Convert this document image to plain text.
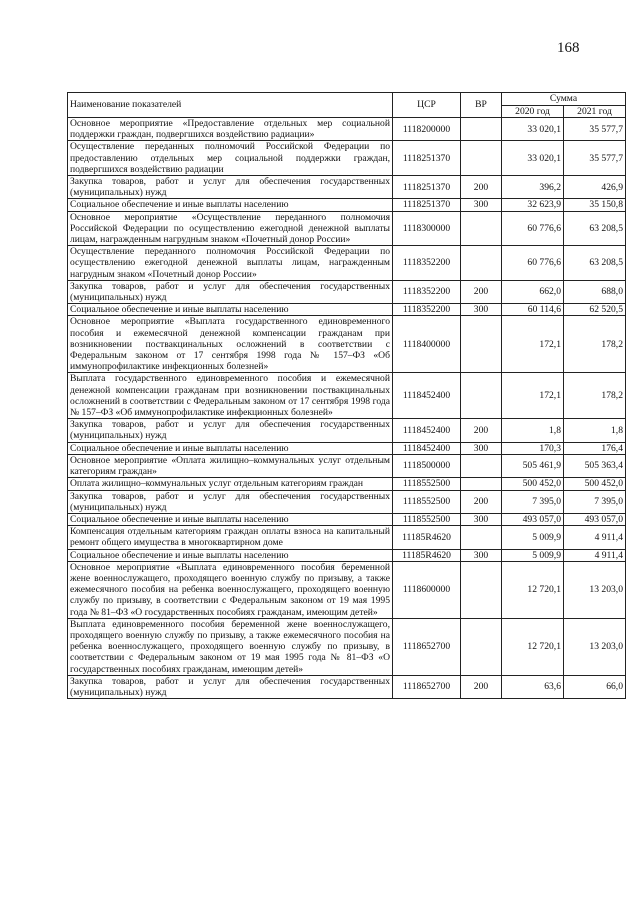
168
Наименование показателей	ЦСР	ВР	Сумма	
			2020 год	2021 год
Основное мероприятие «Предоставление отдельных мер социальной поддержки граждан, подвергшихся воздействию радиации»	1118200000		33 020,1	35 577,7
Осуществление переданных полномочий Российской Федерации по предоставлению отдельных мер социальной поддержки граждан, подвергшихся воздействию радиации	1118251370		33 020,1	35 577,7
Закупка товаров, работ и услуг для обеспечения государственных (муниципальных) нужд	1118251370	200	396,2	426,9
Социальное обеспечение и иные выплаты населению	1118251370	300	32 623,9	35 150,8
Основное мероприятие «Осуществление переданного полномочия Российской Федерации по осуществлению ежегодной денежной выплаты лицам, награжденным нагрудным знаком «Почетный донор России»	1118300000		60 776,6	63 208,5
Осуществление переданного полномочия Российской Федерации по осуществлению ежегодной денежной выплаты лицам, награжденным нагрудным знаком «Почетный донор России»	1118352200		60 776,6	63 208,5
Закупка товаров, работ и услуг для обеспечения государственных (муниципальных) нужд	1118352200	200	662,0	688,0
Социальное обеспечение и иные выплаты населению	1118352200	300	60 114,6	62 520,5
Основное мероприятие «Выплата государственного единовременного пособия и ежемесячной денежной компенсации гражданам при возникновении поствакцинальных осложнений в соответствии с Федеральным законом от 17 сентября 1998 года № 157–ФЗ «Об иммунопрофилактике инфекционных болезней»	1118400000		172,1	178,2
Выплата государственного единовременного пособия и ежемесячной денежной компенсации гражданам при возникновении поствакцинальных осложнений в соответствии с Федеральным законом от 17 сентября 1998 года № 157–ФЗ «Об иммунопрофилактике инфекционных болезней»	1118452400		172,1	178,2
Закупка товаров, работ и услуг для обеспечения государственных (муниципальных) нужд	1118452400	200	1,8	1,8
Социальное обеспечение и иные выплаты населению	1118452400	300	170,3	176,4
Основное мероприятие «Оплата жилищно–коммунальных услуг отдельным категориям граждан»	1118500000		505 461,9	505 363,4
Оплата жилищно–коммунальных услуг отдельным категориям граждан	1118552500		500 452,0	500 452,0
Закупка товаров, работ и услуг для обеспечения государственных (муниципальных) нужд	1118552500	200	7 395,0	7 395,0
Социальное обеспечение и иные выплаты населению	1118552500	300	493 057,0	493 057,0
Компенсация отдельным категориям граждан оплаты взноса на капитальный ремонт общего имущества в многоквартирном доме	11185R4620		5 009,9	4 911,4
Социальное обеспечение и иные выплаты населению	11185R4620	300	5 009,9	4 911,4
Основное мероприятие «Выплата единовременного пособия беременной жене военнослужащего, проходящего военную службу по призыву, а также ежемесячного пособия на ребенка военнослужащего, проходящего военную службу по призыву, в соответствии с Федеральным законом от 19 мая 1995 года № 81–ФЗ «О государственных пособиях гражданам, имеющим детей»	1118600000		12 720,1	13 203,0
Выплата единовременного пособия беременной жене военнослужащего, проходящего военную службу по призыву, а также ежемесячного пособия на ребенка военнослужащего, проходящего военную службу по призыву, в соответствии с Федеральным законом от 19 мая 1995 года № 81–ФЗ «О государственных пособиях гражданам, имеющим детей»	1118652700		12 720,1	13 203,0
Закупка товаров, работ и услуг для обеспечения государственных (муниципальных) нужд	1118652700	200	63,6	66,0
